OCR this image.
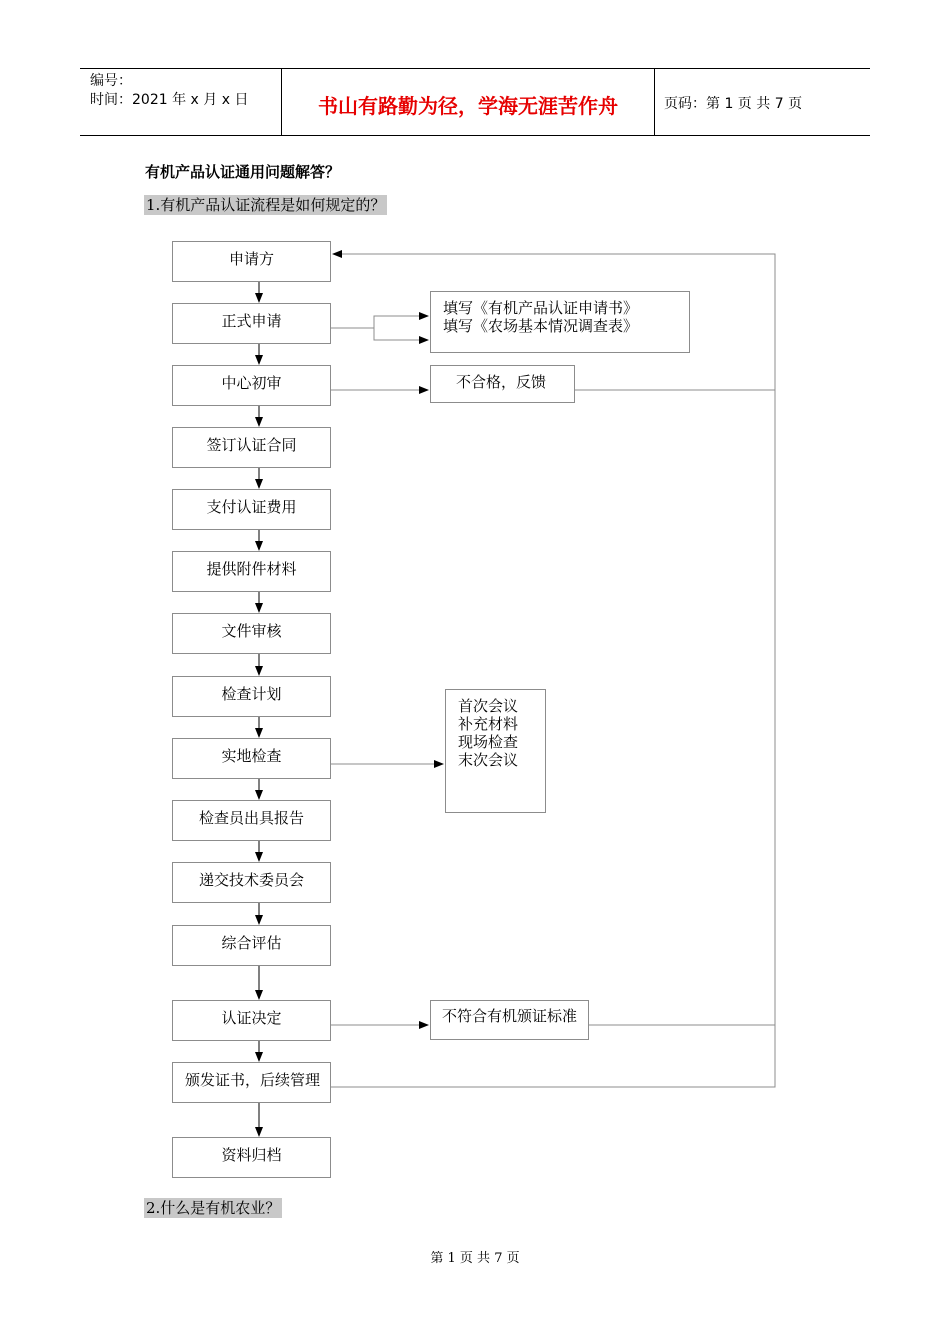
编号：
时间：2021 年 x 月 x 日	书山有路勤为径，学海无涯苦作舟	页码：第 1 页 共 7 页
有机产品认证通用问题解答？
1.有机产品认证流程是如何规定的？
2.什么是有机农业？
申请方
正式申请
中心初审
签订认证合同
支付认证费用
提供附件材料
文件审核
检查计划
实地检查
检查员出具报告
递交技术委员会
综合评估
认证决定
颁发证书，后续管理
资料归档
填写《有机产品认证申请书》
填写《农场基本情况调查表》
不合格，反馈
首次会议
补充材料
现场检查
末次会议
不符合有机颁证标准
第 1 页 共 7 页
